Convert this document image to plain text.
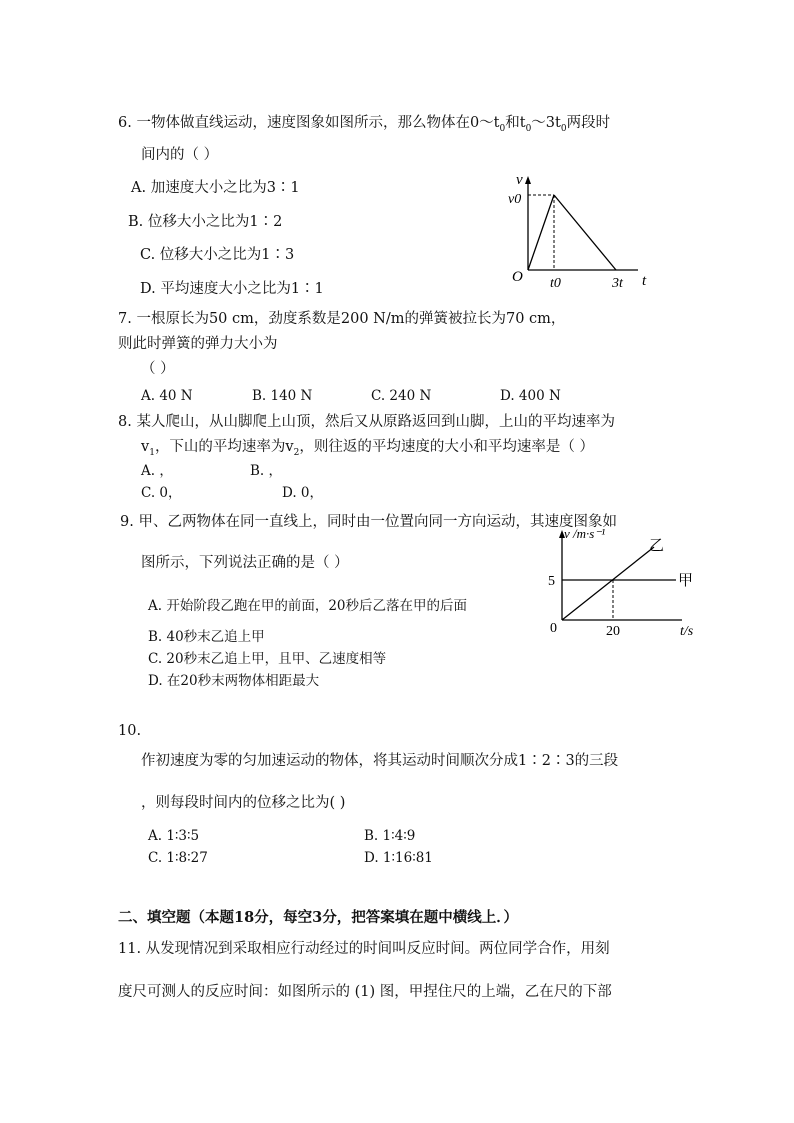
6. 一物体做直线运动，速度图象如图所示，那么物体在$0\sim t_0$和$t_0\sim 3t_0$两段时
间内的（ ）
A. 加速度大小之比为3∶1
B. 位移大小之比为1∶2
C. 位移大小之比为1∶3
D. 平均速度大小之比为1∶1
v
v0
O t0	3t t
7. 一根原长为50 cm，劲度系数是200 N/m的弹簧被拉长为70 cm，
则此时弹簧的弹力大小为
（ ）
A. 40 N	B. 140 N	C. 240 N	D. 400 N
8. 某人爬山，从山脚爬上山顶，然后又从原路返回到山脚，上山的平均速率为
$v_1$，下山的平均速率为$v_2$，则往返的平均速度的大小和平均速率是（ ）
A. ，	B. ，
C. 0，	D. 0，
9. 甲、乙两物体在同一直线上，同时由一位置向同一方向运动，其速度图象如
图所示，下列说法正确的是（ ）
A. 开始阶段乙跑在甲的前面，20秒后乙落在甲的后面
B. 40秒末乙追上甲
C. 20秒末乙追上甲，且甲、乙速度相等
D. 在20秒末两物体相距最大
v /m·s⁻¹
乙
甲
5
0	20	t/s
10.
作初速度为零的匀加速运动的物体，将其运动时间顺次分成1∶2∶3的三段
，则每段时间内的位移之比为( )
A. 1∶3∶5	B. 1∶4∶9
C. 1∶8∶27	D. 1∶16∶81
二、填空题（本题18分，每空3分，把答案填在题中横线上．）
11. 从发现情况到采取相应行动经过的时间叫反应时间。两位同学合作，用刻
度尺可测人的反应时间：如图所示的 (1) 图，甲捏住尺的上端，乙在尺的下部
